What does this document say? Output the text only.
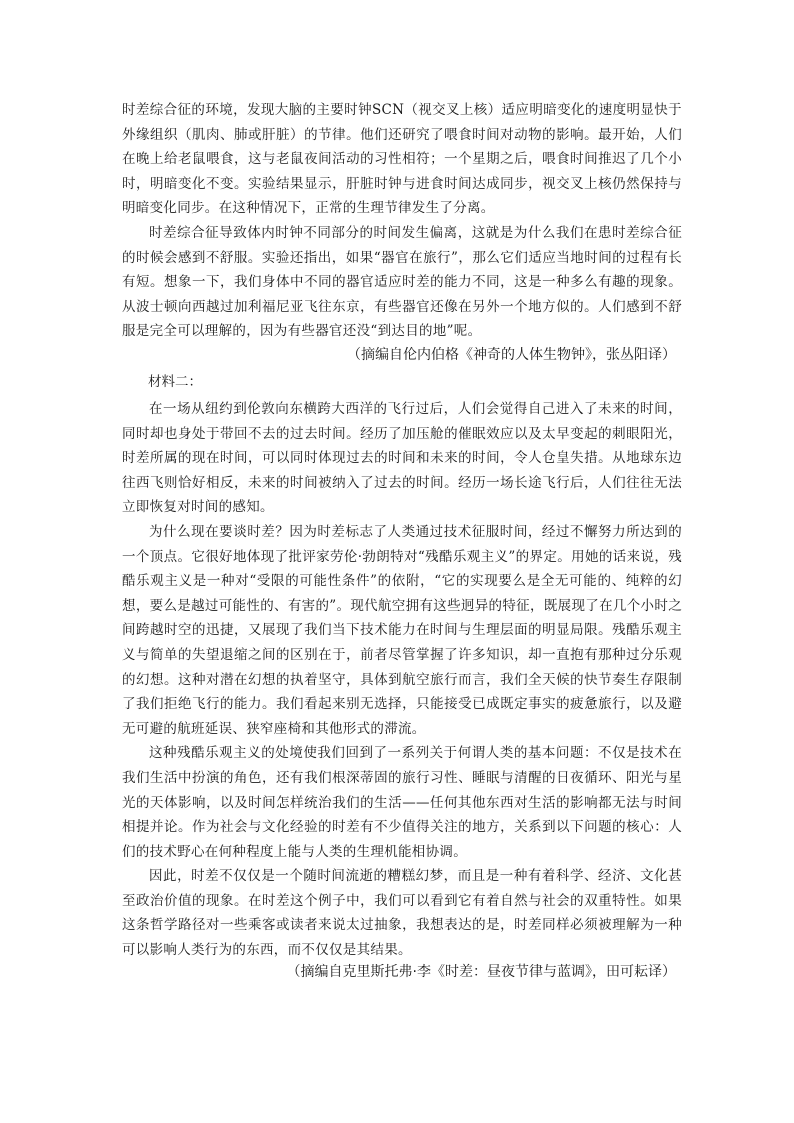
时差综合征的环境，发现大脑的主要时钟SCN（视交叉上核）适应明暗变化的速度明显快于外缘组织（肌肉、肺或肝脏）的节律。他们还研究了喂食时间对动物的影响。最开始，人们在晚上给老鼠喂食，这与老鼠夜间活动的习性相符；一个星期之后，喂食时间推迟了几个小时，明暗变化不变。实验结果显示，肝脏时钟与进食时间达成同步，视交叉上核仍然保持与明暗变化同步。在这种情况下，正常的生理节律发生了分离。

时差综合征导致体内时钟不同部分的时间发生偏离，这就是为什么我们在患时差综合征的时候会感到不舒服。实验还指出，如果“器官在旅行”，那么它们适应当地时间的过程有长有短。想象一下，我们身体中不同的器官适应时差的能力不同，这是一种多么有趣的现象。从波士顿向西越过加利福尼亚飞往东京，有些器官还像在另外一个地方似的。人们感到不舒服是完全可以理解的，因为有些器官还没“到达目的地”呢。

（摘编自伦内伯格《神奇的人体生物钟》，张丛阳译）
材料二：

在一场从纽约到伦敦向东横跨大西洋的飞行过后，人们会觉得自己进入了未来的时间，同时却也身处于带回不去的过去时间。经历了加压舱的催眠效应以及太早变起的刺眼阳光，时差所属的现在时间，可以同时体现过去的时间和未来的时间，令人仓皇失措。从地球东边往西飞则恰好相反，未来的时间被纳入了过去的时间。经历一场长途飞行后，人们往往无法立即恢复对时间的感知。

为什么现在要谈时差？因为时差标志了人类通过技术征服时间，经过不懈努力所达到的一个顶点。它很好地体现了批评家劳伦·勃朗特对“残酷乐观主义”的界定。用她的话来说，残酷乐观主义是一种对“受限的可能性条件”的依附，“它的实现要么是全无可能的、纯粹的幻想，要么是越过可能性的、有害的”。现代航空拥有这些迥异的特征，既展现了在几个小时之间跨越时空的迅捷，又展现了我们当下技术能力在时间与生理层面的明显局限。残酷乐观主义与简单的失望退缩之间的区别在于，前者尽管掌握了许多知识，却一直抱有那种过分乐观的幻想。这种对潜在幻想的执着坚守，具体到航空旅行而言，我们全天候的快节奏生存限制了我们拒绝飞行的能力。我们看起来别无选择，只能接受已成既定事实的疲惫旅行，以及避无可避的航班延误、狭窄座椅和其他形式的滞流。

这种残酷乐观主义的处境使我们回到了一系列关于何谓人类的基本问题：不仅是技术在我们生活中扮演的角色，还有我们根深蒂固的旅行习性、睡眠与清醒的日夜循环、阳光与星光的天体影响，以及时间怎样统治我们的生活——任何其他东西对生活的影响都无法与时间相提并论。作为社会与文化经验的时差有不少值得关注的地方，关系到以下问题的核心：人们的技术野心在何种程度上能与人类的生理机能相协调。

因此，时差不仅仅是一个随时间流逝的糟糕幻梦，而且是一种有着科学、经济、文化甚至政治价值的现象。在时差这个例子中，我们可以看到它有着自然与社会的双重特性。如果这条哲学路径对一些乘客或读者来说太过抽象，我想表达的是，时差同样必须被理解为一种可以影响人类行为的东西，而不仅仅是其结果。

（摘编自克里斯托弗·李《时差：昼夜节律与蓝调》，田可耘译）
